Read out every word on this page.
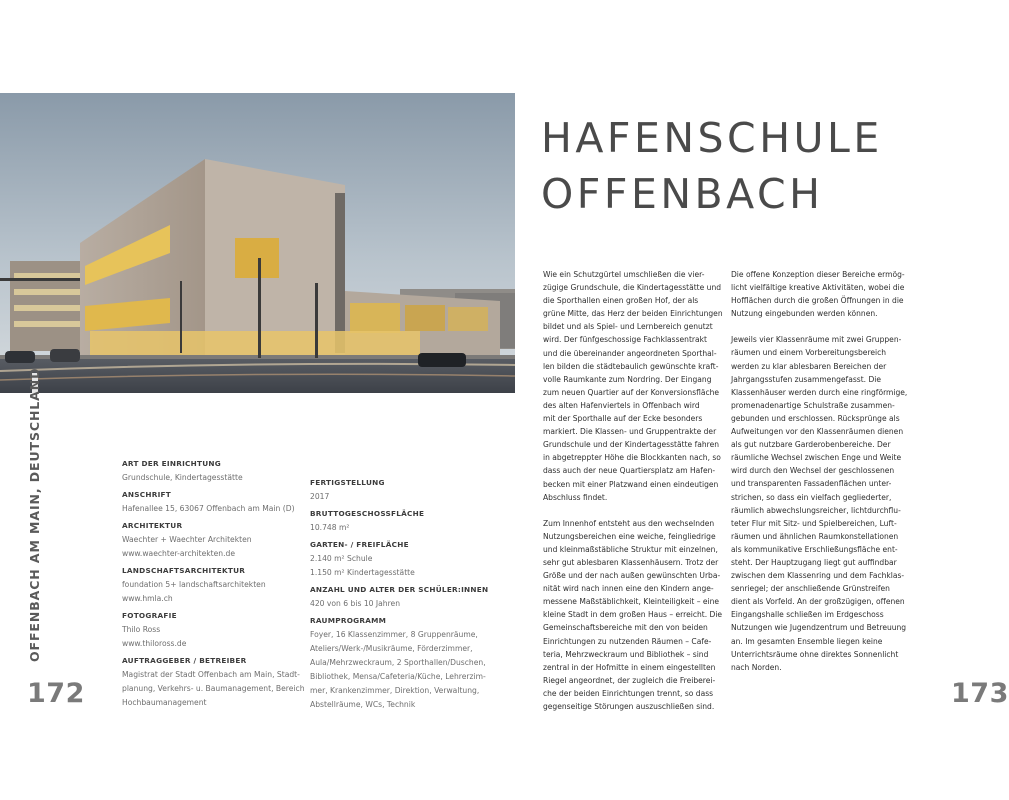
OFFENBACH AM MAIN, DEUTSCHLAND
172	173
ART DER EINRICHTUNG
Grundschule, Kindertagesstätte
ANSCHRIFT
Hafenallee 15, 63067 Offenbach am Main (D)
ARCHITEKTUR
Waechter + Waechter Architekten
www.waechter-architekten.de
LANDSCHAFTSARCHITEKTUR
foundation 5+ landschaftsarchitekten
www.hmla.ch
FOTOGRAFIE
Thilo Ross
www.thiloross.de
AUFTRAGGEBER / BETREIBER
Magistrat der Stadt Offenbach am Main, Stadt-
planung, Verkehrs- u. Baumanagement, Bereich
Hochbaumanagement
FERTIGSTELLUNG
2017
BRUTTOGESCHOSSFLÄCHE
10.748 m²
GARTEN- / FREIFLÄCHE
2.140 m² Schule
1.150 m² Kindertagesstätte
ANZAHL UND ALTER DER SCHÜLER:INNEN
420 von 6 bis 10 Jahren
RAUMPROGRAMM
Foyer, 16 Klassenzimmer, 8 Gruppenräume,
Ateliers/Werk-/Musikräume, Förderzimmer,
Aula/Mehrzweckraum, 2 Sporthallen/Duschen,
Bibliothek, Mensa/Cafeteria/Küche, Lehrerzim-
mer, Krankenzimmer, Direktion, Verwaltung,
Abstellräume, WCs, Technik
HAFENSCHULE
OFFENBACH

Wie ein Schutzgürtel umschließen die vier-
zügige Grundschule, die Kindertagesstätte und
die Sporthallen einen großen Hof, der als
grüne Mitte, das Herz der beiden Einrichtungen
bildet und als Spiel- und Lernbereich genutzt
wird. Der fünfgeschossige Fachklassentrakt
und die übereinander angeordneten Sporthal-
len bilden die städtebaulich gewünschte kraft-
volle Raumkante zum Nordring. Der Eingang
zum neuen Quartier auf der Konversionsfläche
des alten Hafenviertels in Offenbach wird
mit der Sporthalle auf der Ecke besonders
markiert. Die Klassen- und Gruppentrakte der
Grundschule und der Kindertagesstätte fahren
in abgetreppter Höhe die Blockkanten nach, so
dass auch der neue Quartiersplatz am Hafen-
becken mit einer Platzwand einen eindeutigen
Abschluss findet.

Zum Innenhof entsteht aus den wechselnden
Nutzungsbereichen eine weiche, feingliedrige
und kleinmaßstäbliche Struktur mit einzelnen,
sehr gut ablesbaren Klassenhäusern. Trotz der
Größe und der nach außen gewünschten Urba-
nität wird nach innen eine den Kindern ange-
messene Maßstäblichkeit, Kleinteiligkeit – eine
kleine Stadt in dem großen Haus – erreicht. Die
Gemeinschaftsbereiche mit den von beiden
Einrichtungen zu nutzenden Räumen – Cafe-
teria, Mehrzweckraum und Bibliothek – sind
zentral in der Hofmitte in einem eingestellten
Riegel angeordnet, der zugleich die Freiberei-
che der beiden Einrichtungen trennt, so dass
gegenseitige Störungen auszuschließen sind.

Die offene Konzeption dieser Bereiche ermög-
licht vielfältige kreative Aktivitäten, wobei die
Hofflächen durch die großen Öffnungen in die
Nutzung eingebunden werden können.

Jeweils vier Klassenräume mit zwei Gruppen-
räumen und einem Vorbereitungsbereich
werden zu klar ablesbaren Bereichen der
Jahrgangsstufen zusammengefasst. Die
Klassenhäuser werden durch eine ringförmige,
promenadenartige Schulstraße zusammen-
gebunden und erschlossen. Rücksprünge als
Aufweitungen vor den Klassenräumen dienen
als gut nutzbare Garderobenbereiche. Der
räumliche Wechsel zwischen Enge und Weite
wird durch den Wechsel der geschlossenen
und transparenten Fassadenflächen unter-
strichen, so dass ein vielfach gegliederter,
räumlich abwechslungsreicher, lichtdurchflu-
teter Flur mit Sitz- und Spielbereichen, Luft-
räumen und ähnlichen Raumkonstellationen
als kommunikative Erschließungsfläche ent-
steht. Der Hauptzugang liegt gut auffindbar
zwischen dem Klassenring und dem Fachklas-
senriegel; der anschließende Grünstreifen
dient als Vorfeld. An der großzügigen, offenen
Eingangshalle schließen im Erdgeschoss
Nutzungen wie Jugendzentrum und Betreuung
an. Im gesamten Ensemble liegen keine
Unterrichtsräume ohne direktes Sonnenlicht
nach Norden.
